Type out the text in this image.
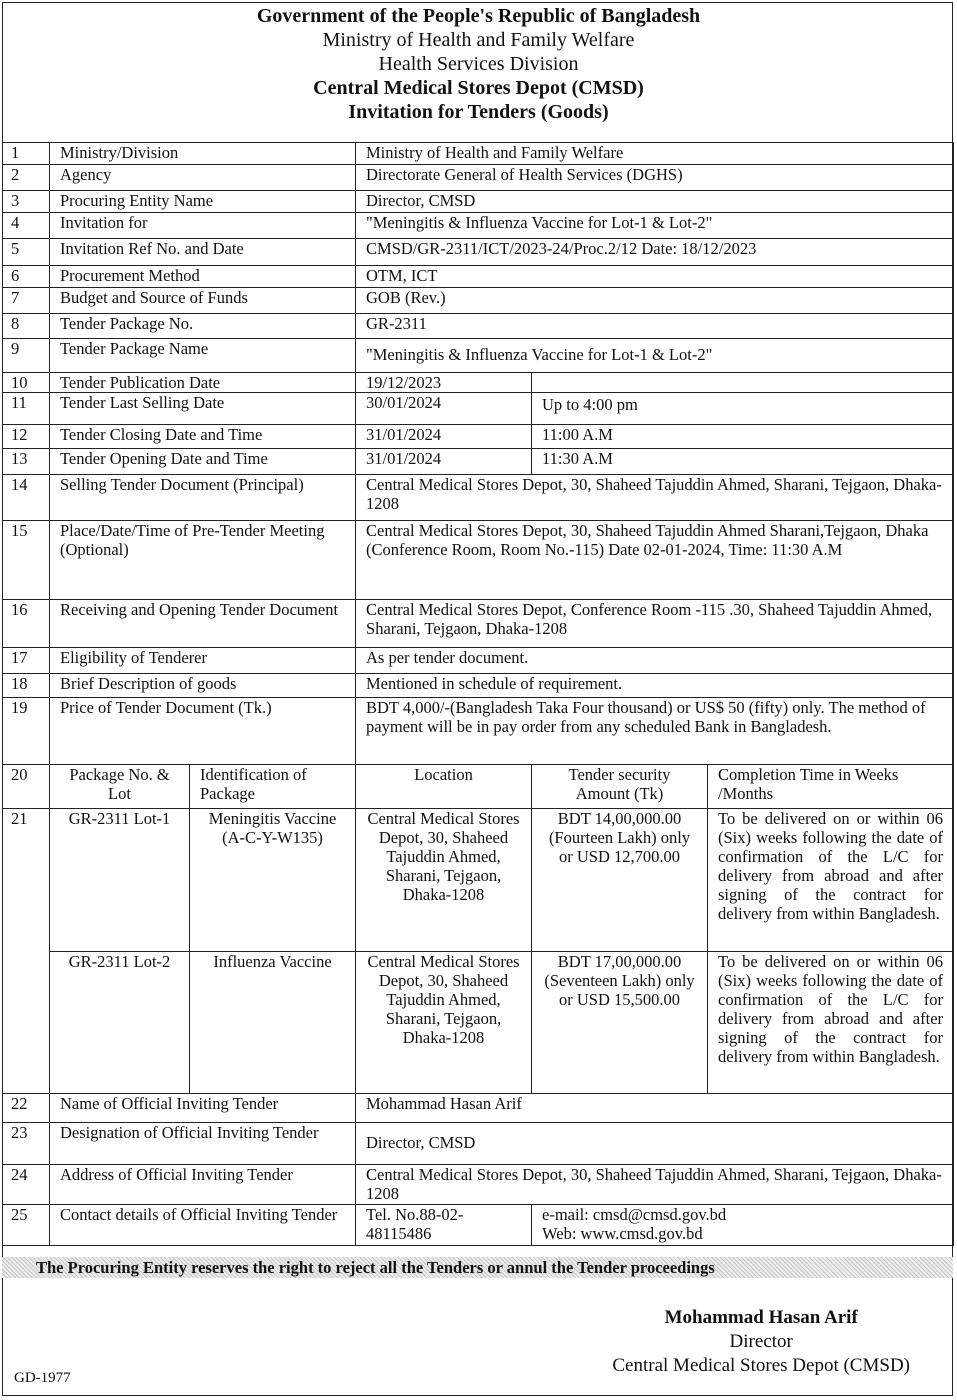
Government of the People's Republic of Bangladesh
Ministry of Health and Family Welfare
Health Services Division
Central Medical Stores Depot (CMSD)
Invitation for Tenders (Goods)
1	Ministry/Division		Ministry of Health and Family Welfare		
2	Agency		Directorate General of Health Services (DGHS)		
3	Procuring Entity Name		Director, CMSD		
4	Invitation for		"Meningitis & Influenza Vaccine for Lot-1 & Lot-2"		
5	Invitation Ref No. and Date		CMSD/GR-2311/ICT/2023-24/Proc.2/12 Date: 18/12/2023		
6	Procurement Method		OTM, ICT		
7	Budget and Source of Funds		GOB (Rev.)		
8	Tender Package No.		GR-2311		
9	Tender Package Name		"Meningitis & Influenza Vaccine for Lot-1 & Lot-2"		
10	Tender Publication Date		19/12/2023		
11	Tender Last Selling Date		30/01/2024	Up to 4:00 pm	
12	Tender Closing Date and Time		31/01/2024	11:00 A.M	
13	Tender Opening Date and Time		31/01/2024	11:30 A.M	
14	Selling Tender Document (Principal)		Central Medical Stores Depot, 30, Shaheed Tajuddin Ahmed, Sharani, Tejgaon, Dhaka-1208		
15	Place/Date/Time of Pre-Tender Meeting (Optional)		Central Medical Stores Depot, 30, Shaheed Tajuddin Ahmed Sharani,Tejgaon, Dhaka (Conference Room, Room No.-115) Date 02-01-2024, Time: 11:30 A.M		
16	Receiving and Opening Tender Document		Central Medical Stores Depot, Conference Room -115 .30, Shaheed Tajuddin Ahmed, Sharani, Tejgaon, Dhaka-1208		
17	Eligibility of Tenderer		As per tender document.		
18	Brief Description of goods		Mentioned in schedule of requirement.		
19	Price of Tender Document (Tk.)		BDT 4,000/-(Bangladesh Taka Four thousand) or US$ 50 (fifty) only. The method of payment will be in pay order from any scheduled Bank in Bangladesh.		
20	Package No. & Lot	Identification of Package	Location	Tender security Amount (Tk)	Completion Time in Weeks /Months
21	GR-2311 Lot-1	Meningitis Vaccine (A-C-Y-W135)	Central Medical Stores Depot, 30, Shaheed Tajuddin Ahmed, Sharani, Tejgaon, Dhaka-1208	BDT 14,00,000.00 (Fourteen Lakh) only or USD 12,700.00	To be delivered on or within 06 (Six) weeks following the date of confirmation of the L/C for delivery from abroad and after signing of the contract for delivery from within Bangladesh.
	GR-2311 Lot-2	Influenza Vaccine	Central Medical Stores Depot, 30, Shaheed Tajuddin Ahmed, Sharani, Tejgaon, Dhaka-1208	BDT 17,00,000.00 (Seventeen Lakh) only or USD 15,500.00	To be delivered on or within 06 (Six) weeks following the date of confirmation of the L/C for delivery from abroad and after signing of the contract for delivery from within Bangladesh.
22	Name of Official Inviting Tender		Mohammad Hasan Arif		
23	Designation of Official Inviting Tender		Director, CMSD		
24	Address of Official Inviting Tender		Central Medical Stores Depot, 30, Shaheed Tajuddin Ahmed, Sharani, Tejgaon, Dhaka-1208		
25	Contact details of Official Inviting Tender		Tel. No.88-02-48115486	e-mail: cmsd@cmsd.gov.bd
Web: www.cmsd.gov.bd	
The Procuring Entity reserves the right to reject all the Tenders or annul the Tender proceedings
Mohammad Hasan Arif
Director
Central Medical Stores Depot (CMSD)
GD-1977
